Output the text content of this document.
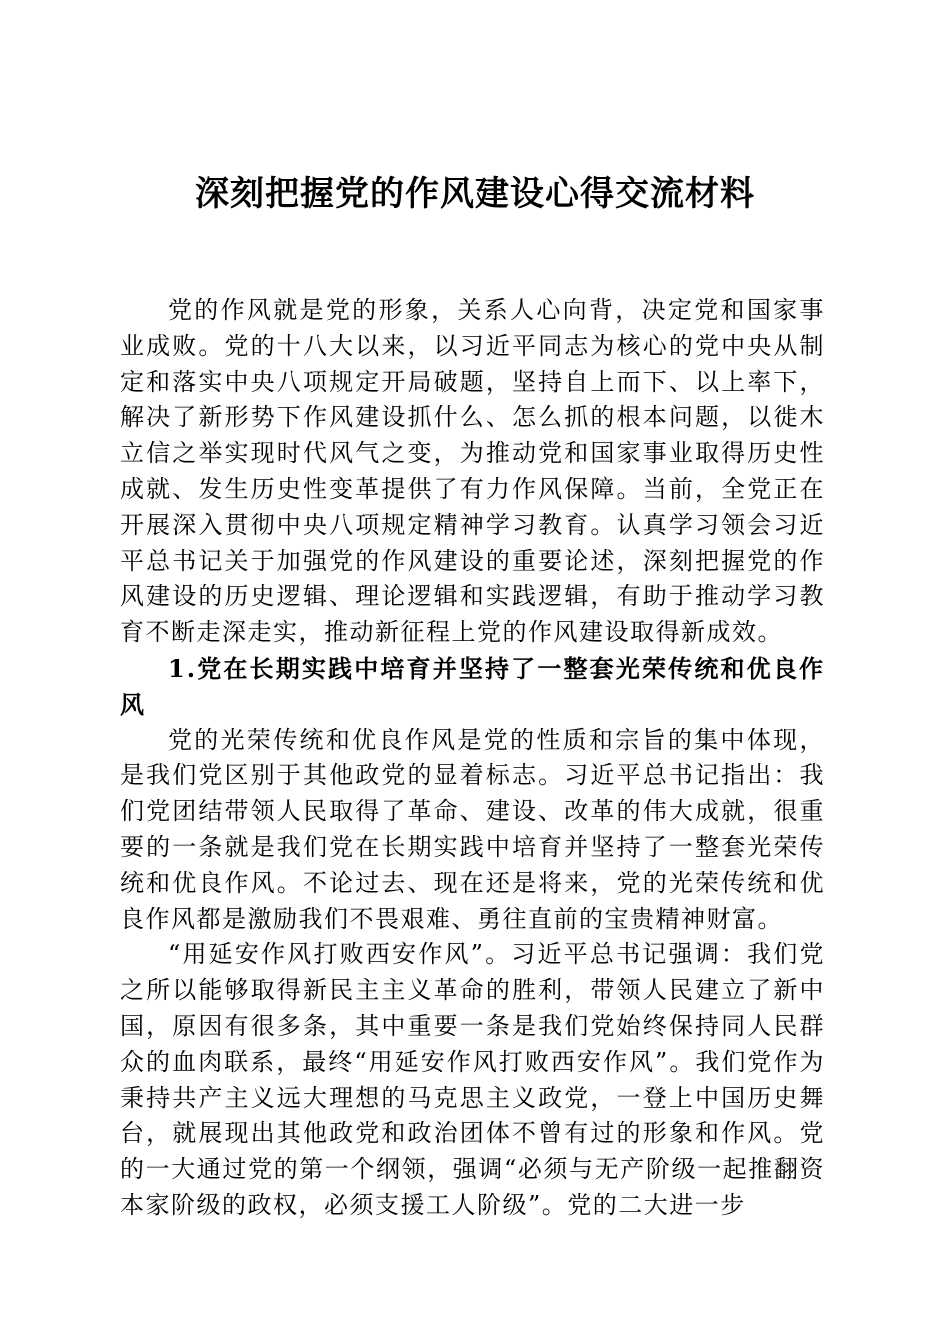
深刻把握党的作风建设心得交流材料

党的作风就是党的形象，关系人心向背，决定党和国家事业成败。党的十八大以来，以习近平同志为核心的党中央从制定和落实中央八项规定开局破题，坚持自上而下、以上率下，解决了新形势下作风建设抓什么、怎么抓的根本问题，以徙木立信之举实现时代风气之变，为推动党和国家事业取得历史性成就、发生历史性变革提供了有力作风保障。当前，全党正在开展深入贯彻中央八项规定精神学习教育。认真学习领会习近平总书记关于加强党的作风建设的重要论述，深刻把握党的作风建设的历史逻辑、理论逻辑和实践逻辑，有助于推动学习教育不断走深走实，推动新征程上党的作风建设取得新成效。

1.党在长期实践中培育并坚持了一整套光荣传统和优良作风

党的光荣传统和优良作风是党的性质和宗旨的集中体现，是我们党区别于其他政党的显着标志。习近平总书记指出：我们党团结带领人民取得了革命、建设、改革的伟大成就，很重要的一条就是我们党在长期实践中培育并坚持了一整套光荣传统和优良作风。不论过去、现在还是将来，党的光荣传统和优良作风都是激励我们不畏艰难、勇往直前的宝贵精神财富。

“用延安作风打败西安作风”。习近平总书记强调：我们党之所以能够取得新民主主义革命的胜利，带领人民建立了新中国，原因有很多条，其中重要一条是我们党始终保持同人民群众的血肉联系，最终“用延安作风打败西安作风”。我们党作为秉持共产主义远大理想的马克思主义政党，一登上中国历史舞台，就展现出其他政党和政治团体不曾有过的形象和作风。党的一大通过党的第一个纲领，强调“必须与无产阶级一起推翻资本家阶级的政权，必须支援工人阶级”。党的二大进一步
